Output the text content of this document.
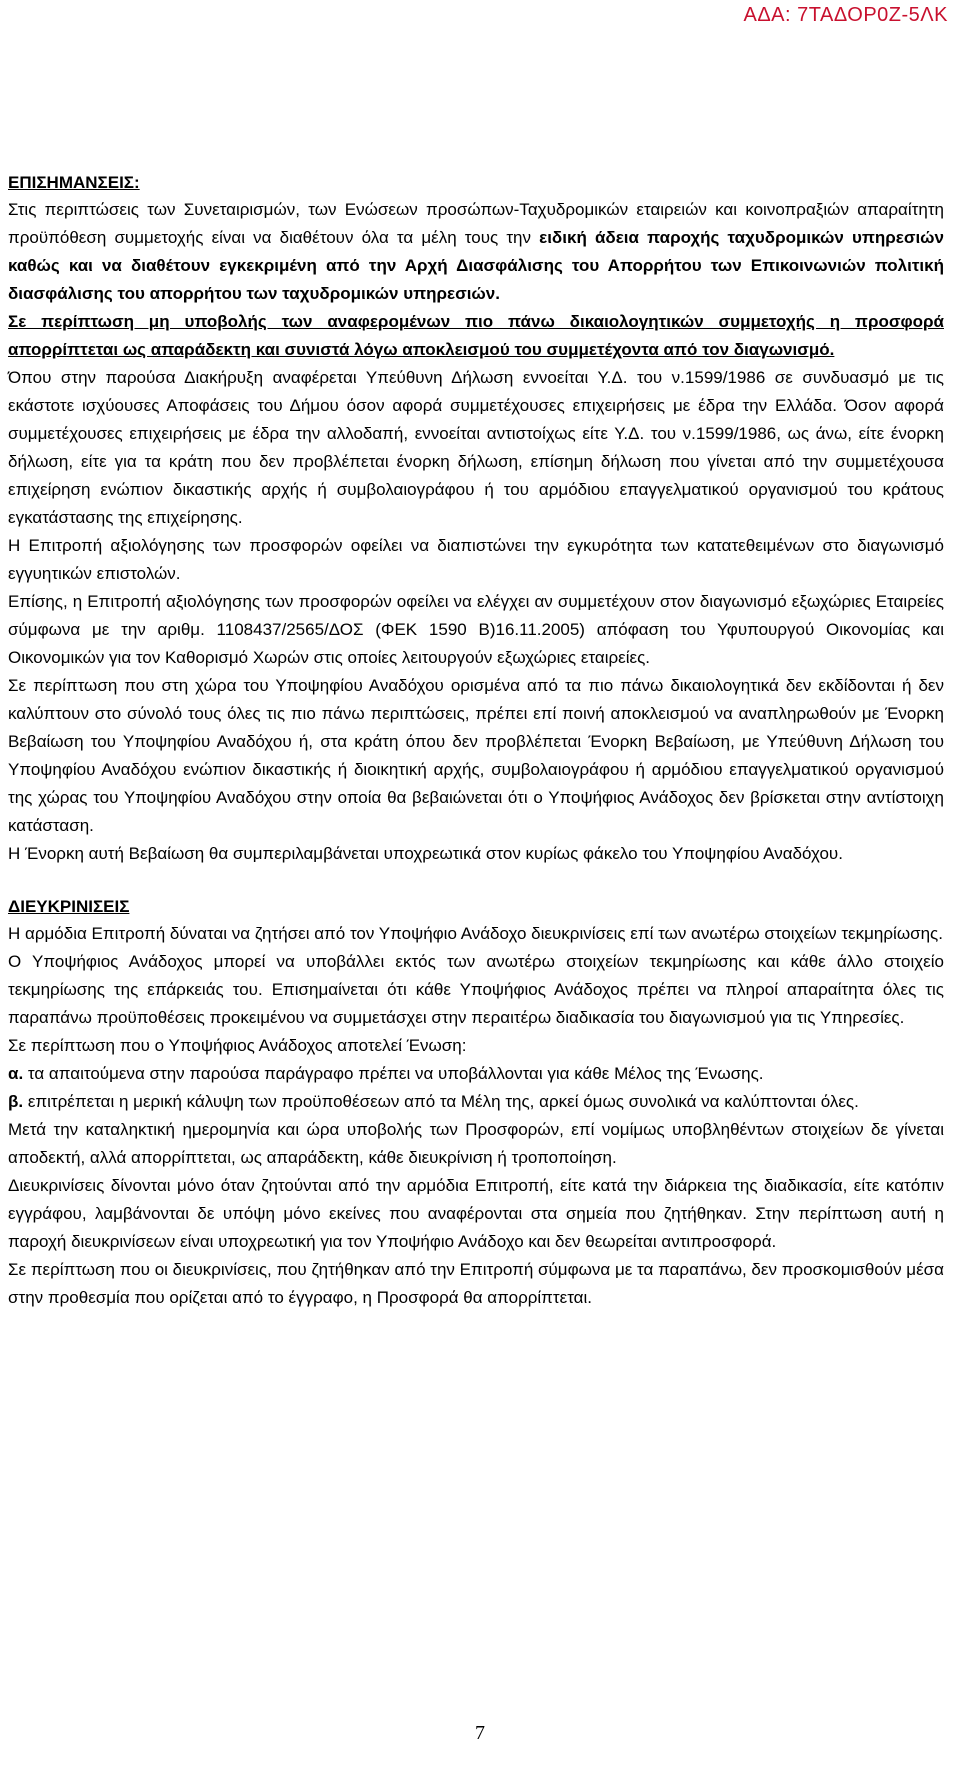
ΑΔΑ: 7ΤΑΔΟΡ0Ζ-5ΛΚ
ΕΠΙΣΗΜΑΝΣΕΙΣ:

Στις περιπτώσεις των Συνεταιρισμών, των Ενώσεων προσώπων-Ταχυδρομικών εταιρειών και κοινοπραξιών απαραίτητη προϋπόθεση συμμετοχής είναι να διαθέτουν όλα τα μέλη τους την ειδική άδεια παροχής ταχυδρομικών υπηρεσιών καθώς και να διαθέτουν εγκεκριμένη από την Αρχή Διασφάλισης του Απορρήτου των Επικοινωνιών πολιτική διασφάλισης του απορρήτου των ταχυδρομικών υπηρεσιών.

Σε περίπτωση μη υποβολής των αναφερομένων πιο πάνω δικαιολογητικών συμμετοχής η προσφορά απορρίπτεται ως απαράδεκτη και συνιστά λόγω αποκλεισμού του συμμετέχοντα από τον διαγωνισμό.

Όπου στην παρούσα Διακήρυξη αναφέρεται Υπεύθυνη Δήλωση εννοείται Υ.Δ. του ν.1599/1986 σε συνδυασμό με τις εκάστοτε ισχύουσες Αποφάσεις του Δήμου όσον αφορά συμμετέχουσες επιχειρήσεις με έδρα την Ελλάδα. Όσον αφορά συμμετέχουσες επιχειρήσεις με έδρα την αλλοδαπή, εννοείται αντιστοίχως είτε Υ.Δ. του ν.1599/1986, ως άνω, είτε ένορκη δήλωση, είτε για τα κράτη που δεν προβλέπεται ένορκη δήλωση, επίσημη δήλωση που γίνεται από την συμμετέχουσα επιχείρηση ενώπιον δικαστικής αρχής ή συμβολαιογράφου ή του αρμόδιου επαγγελματικού οργανισμού του κράτους εγκατάστασης της επιχείρησης.

Η Επιτροπή αξιολόγησης των προσφορών οφείλει να διαπιστώνει την εγκυρότητα των κατατεθειμένων στο διαγωνισμό εγγυητικών επιστολών.

Επίσης, η Επιτροπή αξιολόγησης των προσφορών οφείλει να ελέγχει αν συμμετέχουν στον διαγωνισμό εξωχώριες Εταιρείες σύμφωνα με την αριθμ. 1108437/2565/ΔΟΣ (ΦΕΚ 1590 Β)16.11.2005) απόφαση του Υφυπουργού Οικονομίας και Οικονομικών για τον Καθορισμό Χωρών στις οποίες λειτουργούν εξωχώριες εταιρείες.

Σε περίπτωση που στη χώρα του Υποψηφίου Αναδόχου ορισμένα από τα πιο πάνω δικαιολογητικά δεν εκδίδονται ή δεν καλύπτουν στο σύνολό τους όλες τις πιο πάνω περιπτώσεις, πρέπει επί ποινή αποκλεισμού να αναπληρωθούν με Ένορκη Βεβαίωση του Υποψηφίου Αναδόχου ή, στα κράτη όπου δεν προβλέπεται Ένορκη Βεβαίωση, με Υπεύθυνη Δήλωση του Υποψηφίου Αναδόχου ενώπιον δικαστικής ή διοικητική αρχής, συμβολαιογράφου ή αρμόδιου επαγγελματικού οργανισμού της χώρας του Υποψηφίου Αναδόχου στην οποία θα βεβαιώνεται ότι ο Υποψήφιος Ανάδοχος δεν βρίσκεται στην αντίστοιχη κατάσταση.

Η Ένορκη αυτή Βεβαίωση θα συμπεριλαμβάνεται υποχρεωτικά στον κυρίως φάκελο του Υποψηφίου Αναδόχου.

ΔΙΕΥΚΡΙΝΙΣΕΙΣ

Η αρμόδια Επιτροπή δύναται να ζητήσει από τον Υποψήφιο Ανάδοχο διευκρινίσεις επί των ανωτέρω στοιχείων τεκμηρίωσης.

Ο Υποψήφιος Ανάδοχος μπορεί να υποβάλλει εκτός των ανωτέρω στοιχείων τεκμηρίωσης και κάθε άλλο στοιχείο τεκμηρίωσης της επάρκειάς του. Επισημαίνεται ότι κάθε Υποψήφιος Ανάδοχος πρέπει να πληροί απαραίτητα όλες τις παραπάνω προϋποθέσεις προκειμένου να συμμετάσχει στην περαιτέρω διαδικασία του διαγωνισμού για τις Υπηρεσίες.

Σε περίπτωση που ο Υποψήφιος Ανάδοχος αποτελεί Ένωση:

α. τα απαιτούμενα στην παρούσα παράγραφο πρέπει να υποβάλλονται για κάθε Μέλος της Ένωσης.

β. επιτρέπεται η μερική κάλυψη των προϋποθέσεων από τα Μέλη της, αρκεί όμως συνολικά να καλύπτονται όλες.

Μετά την καταληκτική ημερομηνία και ώρα υποβολής των Προσφορών, επί νομίμως υποβληθέντων στοιχείων δε γίνεται αποδεκτή, αλλά απορρίπτεται, ως απαράδεκτη, κάθε διευκρίνιση ή τροποποίηση.

Διευκρινίσεις δίνονται μόνο όταν ζητούνται από την αρμόδια Επιτροπή, είτε κατά την διάρκεια της διαδικασία, είτε κατόπιν εγγράφου, λαμβάνονται δε υπόψη μόνο εκείνες που αναφέρονται στα σημεία που ζητήθηκαν. Στην περίπτωση αυτή η παροχή διευκρινίσεων είναι υποχρεωτική για τον Υποψήφιο Ανάδοχο και δεν θεωρείται αντιπροσφορά.

Σε περίπτωση που οι διευκρινίσεις, που ζητήθηκαν από την Επιτροπή σύμφωνα με τα παραπάνω, δεν προσκομισθούν μέσα στην προθεσμία που ορίζεται από το έγγραφο, η Προσφορά θα απορρίπτεται.

7
